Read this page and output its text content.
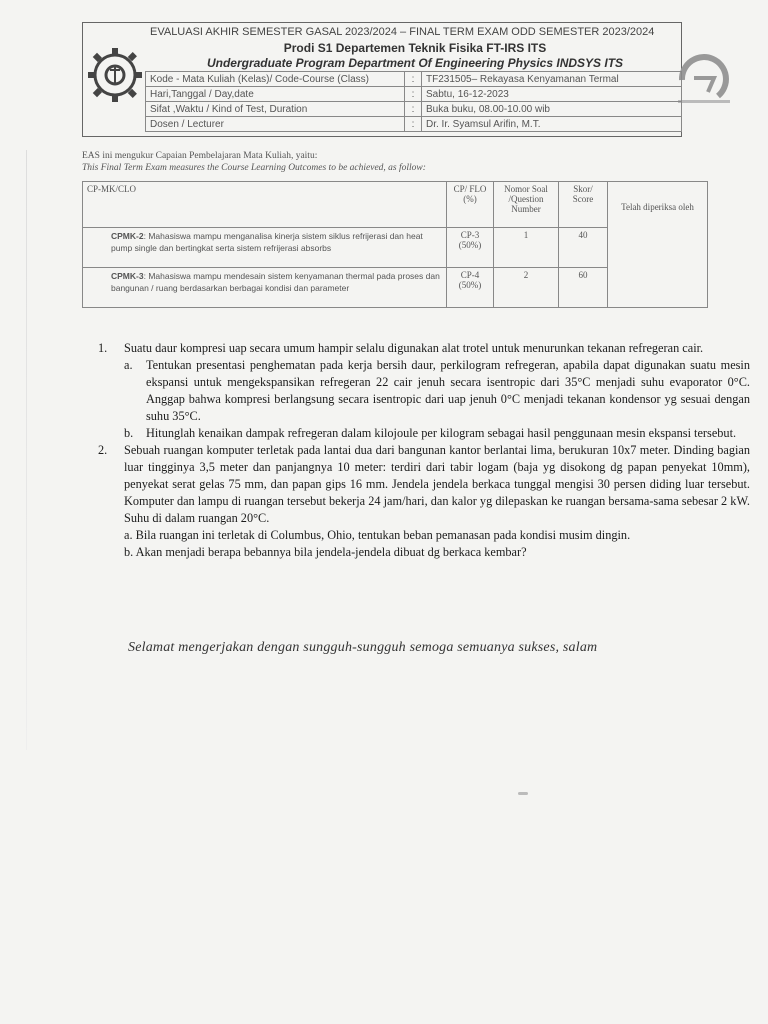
EVALUASI AKHIR SEMESTER GASAL 2023/2024 – FINAL TERM EXAM ODD SEMESTER 2023/2024
Prodi S1 Departemen Teknik Fisika FT-IRS ITS
Undergraduate Program Department Of Engineering Physics INDSYS ITS
Kode - Mata Kuliah (Kelas)/ Code-Course (Class)	:	TF231505– Rekayasa Kenyamanan Termal
Hari,Tanggal / Day,date	:	Sabtu, 16-12-2023
Sifat ,Waktu / Kind of Test, Duration	:	Buka buku, 08.00-10.00 wib
Dosen / Lecturer	:	Dr. Ir. Syamsul Arifin, M.T.
EAS ini mengukur Capaian Pembelajaran Mata Kuliah, yaitu:
This Final Term Exam measures the Course Learning Outcomes to be achieved, as follow:
CP-MK/CLO	CP/ FLO (%)	Nomor Soal /Question Number	Skor/ Score	Telah diperiksa oleh
CPMK-2: Mahasiswa mampu menganalisa kinerja sistem siklus refrijerasi dan heat pump single dan bertingkat serta sistem refrijerasi absorbs	CP-3 (50%)	1	40	
CPMK-3: Mahasiswa mampu mendesain sistem kenyamanan thermal pada proses dan bangunan / ruang berdasarkan berbagai kondisi dan parameter	CP-4 (50%)	2	60	
1. Suatu daur kompresi uap secara umum hampir selalu digunakan alat trotel untuk menurunkan tekanan refregeran cair.
a. Tentukan presentasi penghematan pada kerja bersih daur, perkilogram refregeran, apabila dapat digunakan suatu mesin ekspansi untuk mengekspansikan refregeran 22 cair jenuh secara isentropic dari 35°C menjadi suhu evaporator 0°C. Anggap bahwa kompresi berlangsung secara isentropic dari uap jenuh 0°C menjadi tekanan kondensor yg sesuai dengan suhu 35°C.
b. Hitunglah kenaikan dampak refregeran dalam kilojoule per kilogram sebagai hasil penggunaan mesin ekspansi tersebut.
2. Sebuah ruangan komputer terletak pada lantai dua dari bangunan kantor berlantai lima, berukuran 10x7 meter. Dinding bagian luar tingginya 3,5 meter dan panjangnya 10 meter: terdiri dari tabir logam (baja yg disokong dg papan penyekat 10mm), penyekat serat gelas 75 mm, dan papan gips 16 mm. Jendela jendela berkaca tunggal mengisi 30 persen diding luar tersebut. Komputer dan lampu di ruangan tersebut bekerja 24 jam/hari, dan kalor yg dilepaskan ke ruangan bersama-sama sebesar 2 kW. Suhu di dalam ruangan 20°C.
a. Bila ruangan ini terletak di Columbus, Ohio, tentukan beban pemanasan pada kondisi musim dingin.
b. Akan menjadi berapa bebannya bila jendela-jendela dibuat dg berkaca kembar?
Selamat mengerjakan dengan sungguh-sungguh semoga semuanya sukses, salam
